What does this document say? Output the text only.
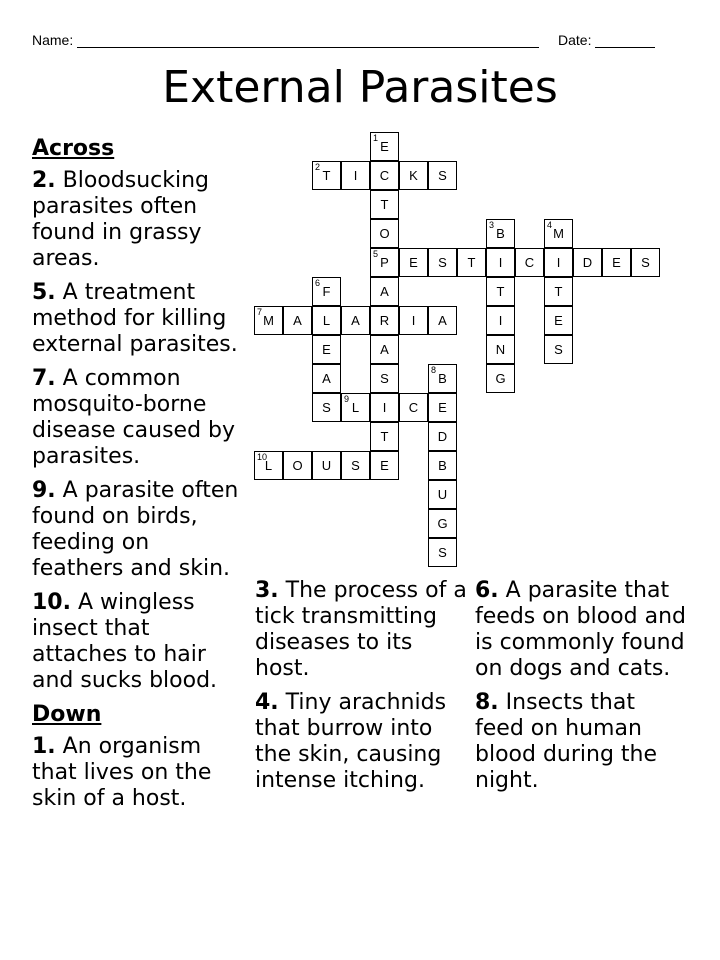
Name:	Date:
External Parasites
1
E
C
T
O
5
P
A
R
A
S
I
T
E
2
T	I	K	S
3
B
I
T
I
N
G
4
M
I
T
E
S
E	S	T	C	D	E	S
6
F
L
E
A
S
7
M	A	A	I	A
8
B
E
D
B
U
G
S
9
L	C
10
L	O	U	S
Across
2. Bloodsucking parasites often found in grassy areas.
5. A treatment method for killing external parasites.
7. A common mosquito-borne disease caused by parasites.
9. A parasite often found on birds, feeding on feathers and skin.
10. A wingless insect that attaches to hair and sucks blood.
Down
1. An organism that lives on the skin of a host.
3. The process of a tick transmitting diseases to its host.
4. Tiny arachnids that burrow into the skin, causing intense itching.
6. A parasite that feeds on blood and is commonly found on dogs and cats.
8. Insects that feed on human blood during the night.
